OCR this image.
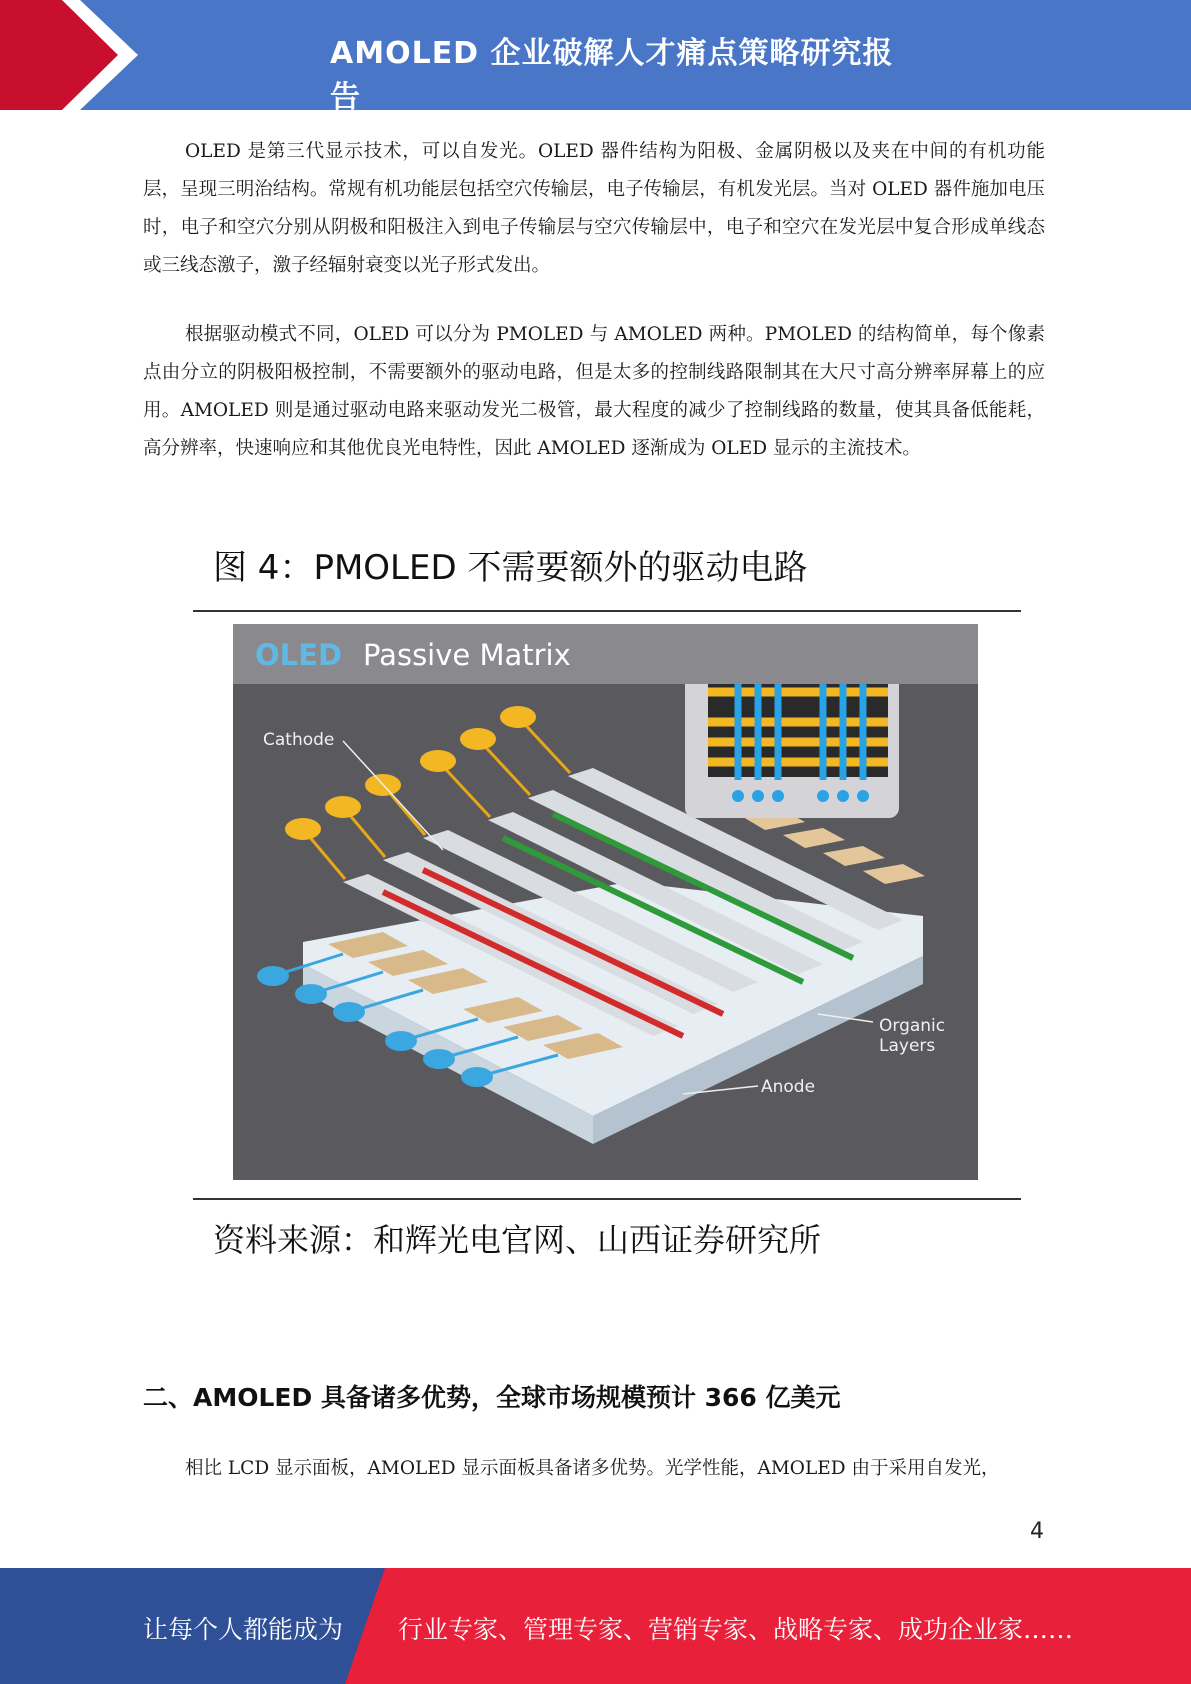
AMOLED 企业破解人才痛点策略研究报告

OLED 是第三代显示技术，可以自发光。OLED 器件结构为阳极、金属阴极以及夹在中间的有机功能层，呈现三明治结构。常规有机功能层包括空穴传输层，电子传输层，有机发光层。当对 OLED 器件施加电压时，电子和空穴分别从阴极和阳极注入到电子传输层与空穴传输层中，电子和空穴在发光层中复合形成单线态或三线态激子，激子经辐射衰变以光子形式发出。

根据驱动模式不同，OLED 可以分为 PMOLED 与 AMOLED 两种。PMOLED 的结构简单，每个像素点由分立的阴极阳极控制，不需要额外的驱动电路，但是太多的控制线路限制其在大尺寸高分辨率屏幕上的应用。AMOLED 则是通过驱动电路来驱动发光二极管，最大程度的减少了控制线路的数量，使其具备低能耗，高分辨率，快速响应和其他优良光电特性，因此 AMOLED 逐渐成为 OLED 显示的主流技术。

图 4：PMOLED 不需要额外的驱动电路
OLED Passive Matrix
Cathode
Organic
Layers
Anode
资料来源：和辉光电官网、山西证券研究所
二、AMOLED 具备诸多优势，全球市场规模预计 366 亿美元

相比 LCD 显示面板，AMOLED 显示面板具备诸多优势。光学性能，AMOLED 由于采用自发光，

4
让每个人都能成为 行业专家、管理专家、营销专家、战略专家、成功企业家……
